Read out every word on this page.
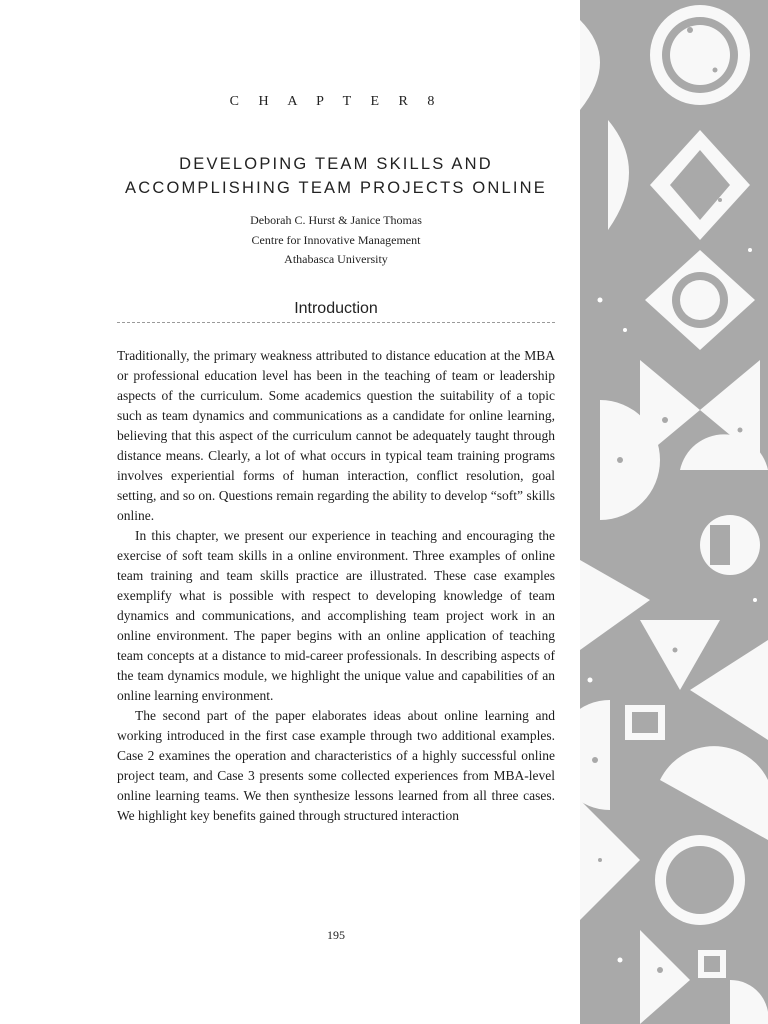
C H A P T E R 8
DEVELOPING TEAM SKILLS AND
ACCOMPLISHING TEAM PROJECTS ONLINE
Deborah C. Hurst & Janice Thomas
Centre for Innovative Management
Athabasca University
Introduction

Traditionally, the primary weakness attributed to distance education at the MBA or professional education level has been in the teaching of team or leadership aspects of the curriculum. Some academics question the suitability of a topic such as team dynamics and communications as a candidate for online learning, believing that this aspect of the curriculum cannot be adequately taught through distance means. Clearly, a lot of what occurs in typical team training programs involves experiential forms of human interaction, conflict resolution, goal setting, and so on. Questions remain regarding the ability to develop “soft” skills online.

In this chapter, we present our experience in teaching and encouraging the exercise of soft team skills in a online environment. Three examples of online team training and team skills practice are illustrated. These case examples exemplify what is possible with respect to developing knowledge of team dynamics and communications, and accomplishing team project work in an online environment. The paper begins with an online application of teaching team concepts at a distance to mid-career professionals. In describing aspects of the team dynamics module, we highlight the unique value and capabilities of an online learning environment.

The second part of the paper elaborates ideas about online learning and working introduced in the first case example through two additional examples. Case 2 examines the operation and characteristics of a highly successful online project team, and Case 3 presents some collected experiences from MBA-level online learning teams. We then synthesize lessons learned from all three cases. We highlight key benefits gained through structured interaction

195
